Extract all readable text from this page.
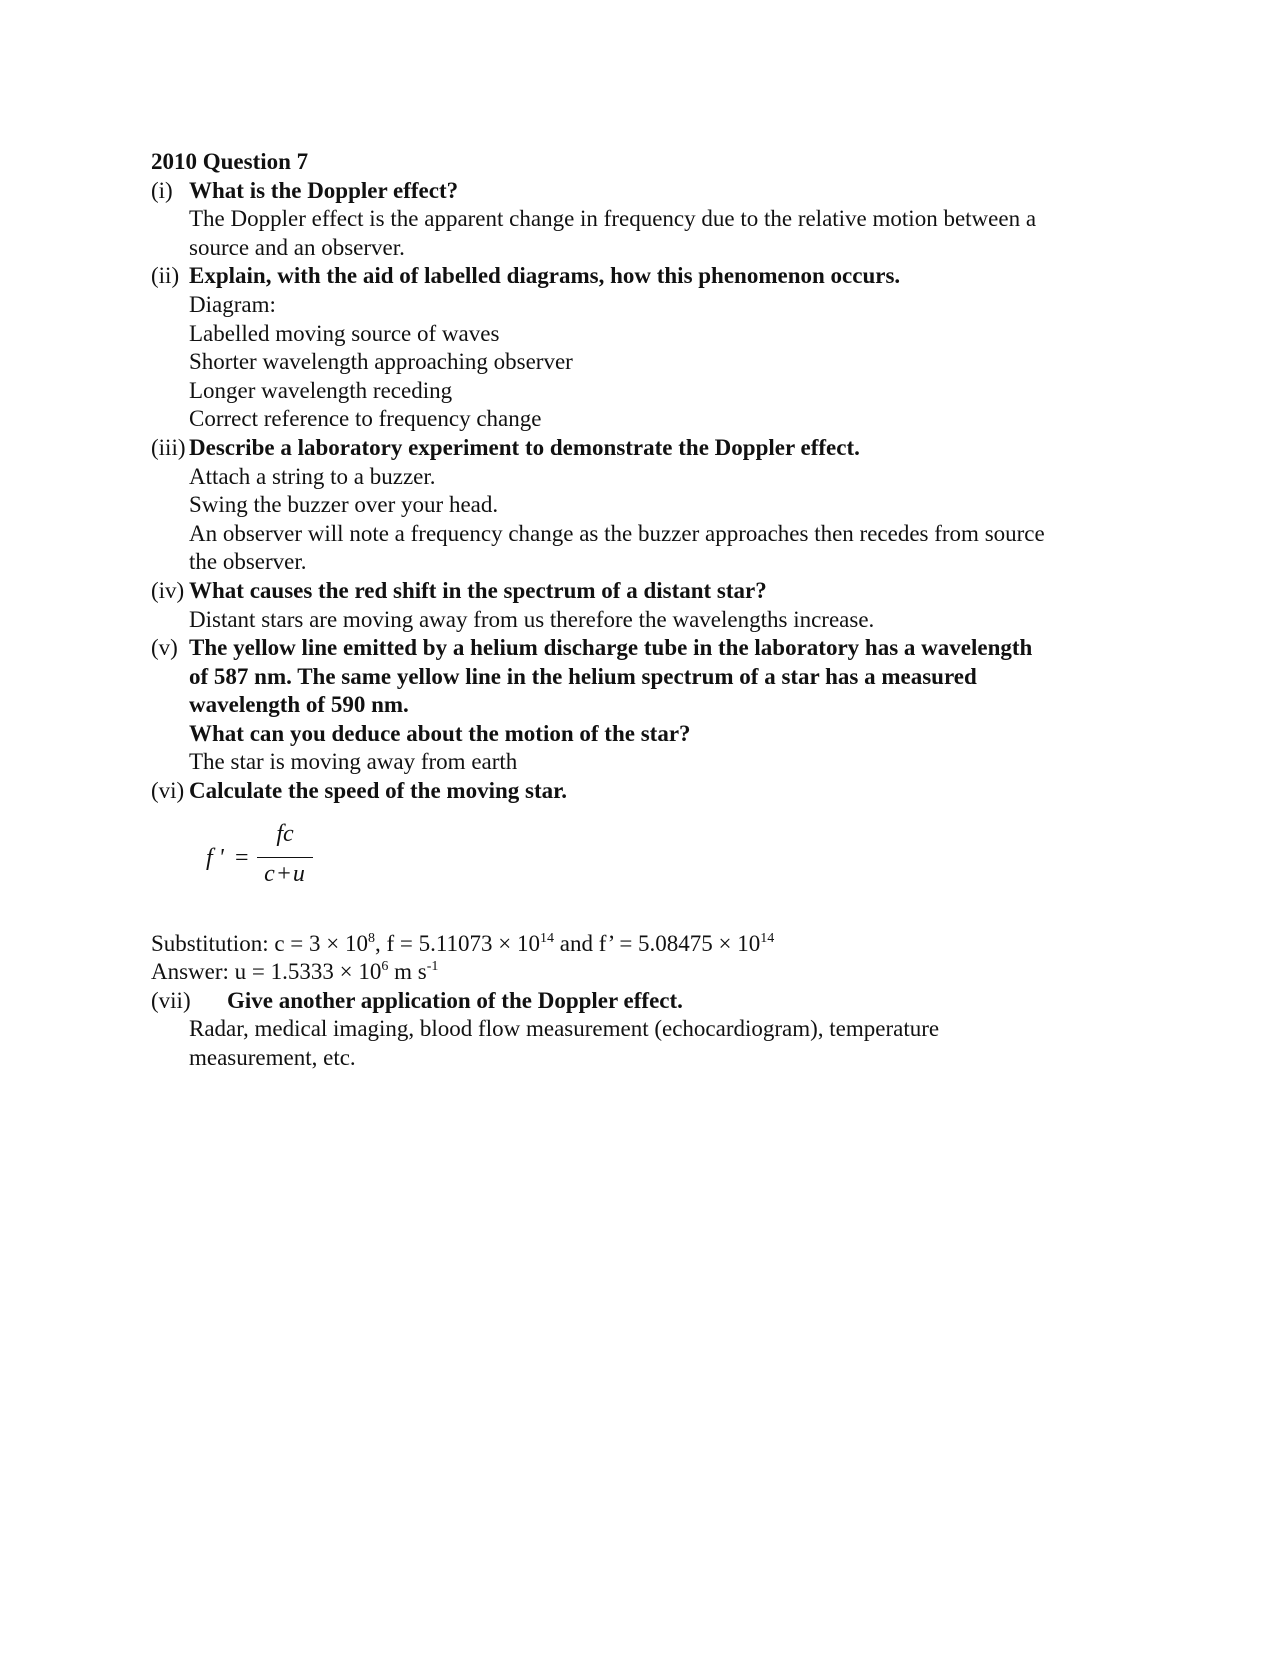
2010 Question 7
(i) What is the Doppler effect?
The Doppler effect is the apparent change in frequency due to the relative motion between a
source and an observer.
(ii) Explain, with the aid of labelled diagrams, how this phenomenon occurs.
Diagram:
Labelled moving source of waves
Shorter wavelength approaching observer
Longer wavelength receding
Correct reference to frequency change
(iii) Describe a laboratory experiment to demonstrate the Doppler effect.
Attach a string to a buzzer.
Swing the buzzer over your head.
An observer will note a frequency change as the buzzer approaches then recedes from source
the observer.
(iv) What causes the red shift in the spectrum of a distant star?
Distant stars are moving away from us therefore the wavelengths increase.
(v) The yellow line emitted by a helium discharge tube in the laboratory has a wavelength
of 587 nm. The same yellow line in the helium spectrum of a star has a measured
wavelength of 590 nm.
What can you deduce about the motion of the star?
The star is moving away from earth
(vi) Calculate the speed of the moving star.
f ' =
fc
c+u
Substitution: $c = 3 \times 10^8$, $f = 5.11073 \times 10^{14}$ and f’ = $5.08475 \times 10^{14}$
Answer: $u = 1.5333 \times 10^6$ m $s^{-1}$
(vii) Give another application of the Doppler effect.
Radar, medical imaging, blood flow measurement (echocardiogram), temperature
measurement, etc.
